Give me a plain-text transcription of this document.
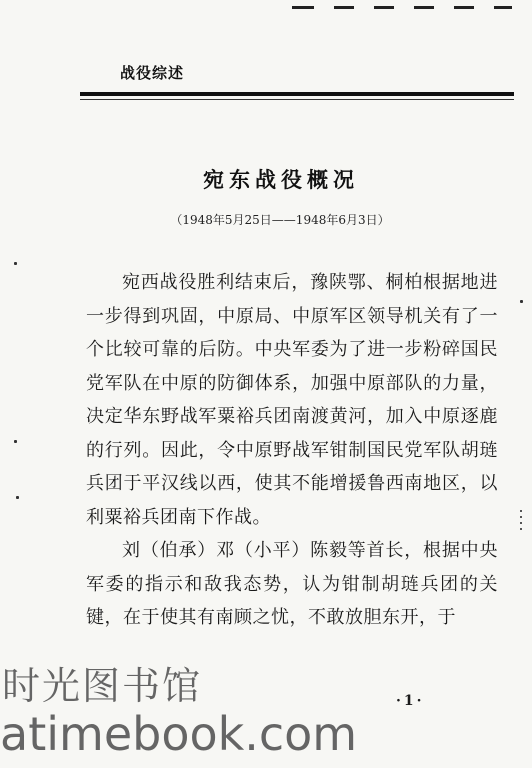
战役综述
宛东战役概况
（1948年5月25日——1948年6月3日）

宛西战役胜利结束后，豫陕鄂、桐柏根据地进一步得到巩固，中原局、中原军区领导机关有了一个比较可靠的后防。中央军委为了进一步粉碎国民党军队在中原的防御体系，加强中原部队的力量，决定华东野战军粟裕兵团南渡黄河，加入中原逐鹿的行列。因此，令中原野战军钳制国民党军队胡琏兵团于平汉线以西，使其不能增援鲁西南地区，以利粟裕兵团南下作战。

刘（伯承）邓（小平）陈毅等首长，根据中央军委的指示和敌我态势，认为钳制胡琏兵团的关键，在于使其有南顾之忧，不敢放胆东开，于

·1·
时光图书馆
atimebook.com
